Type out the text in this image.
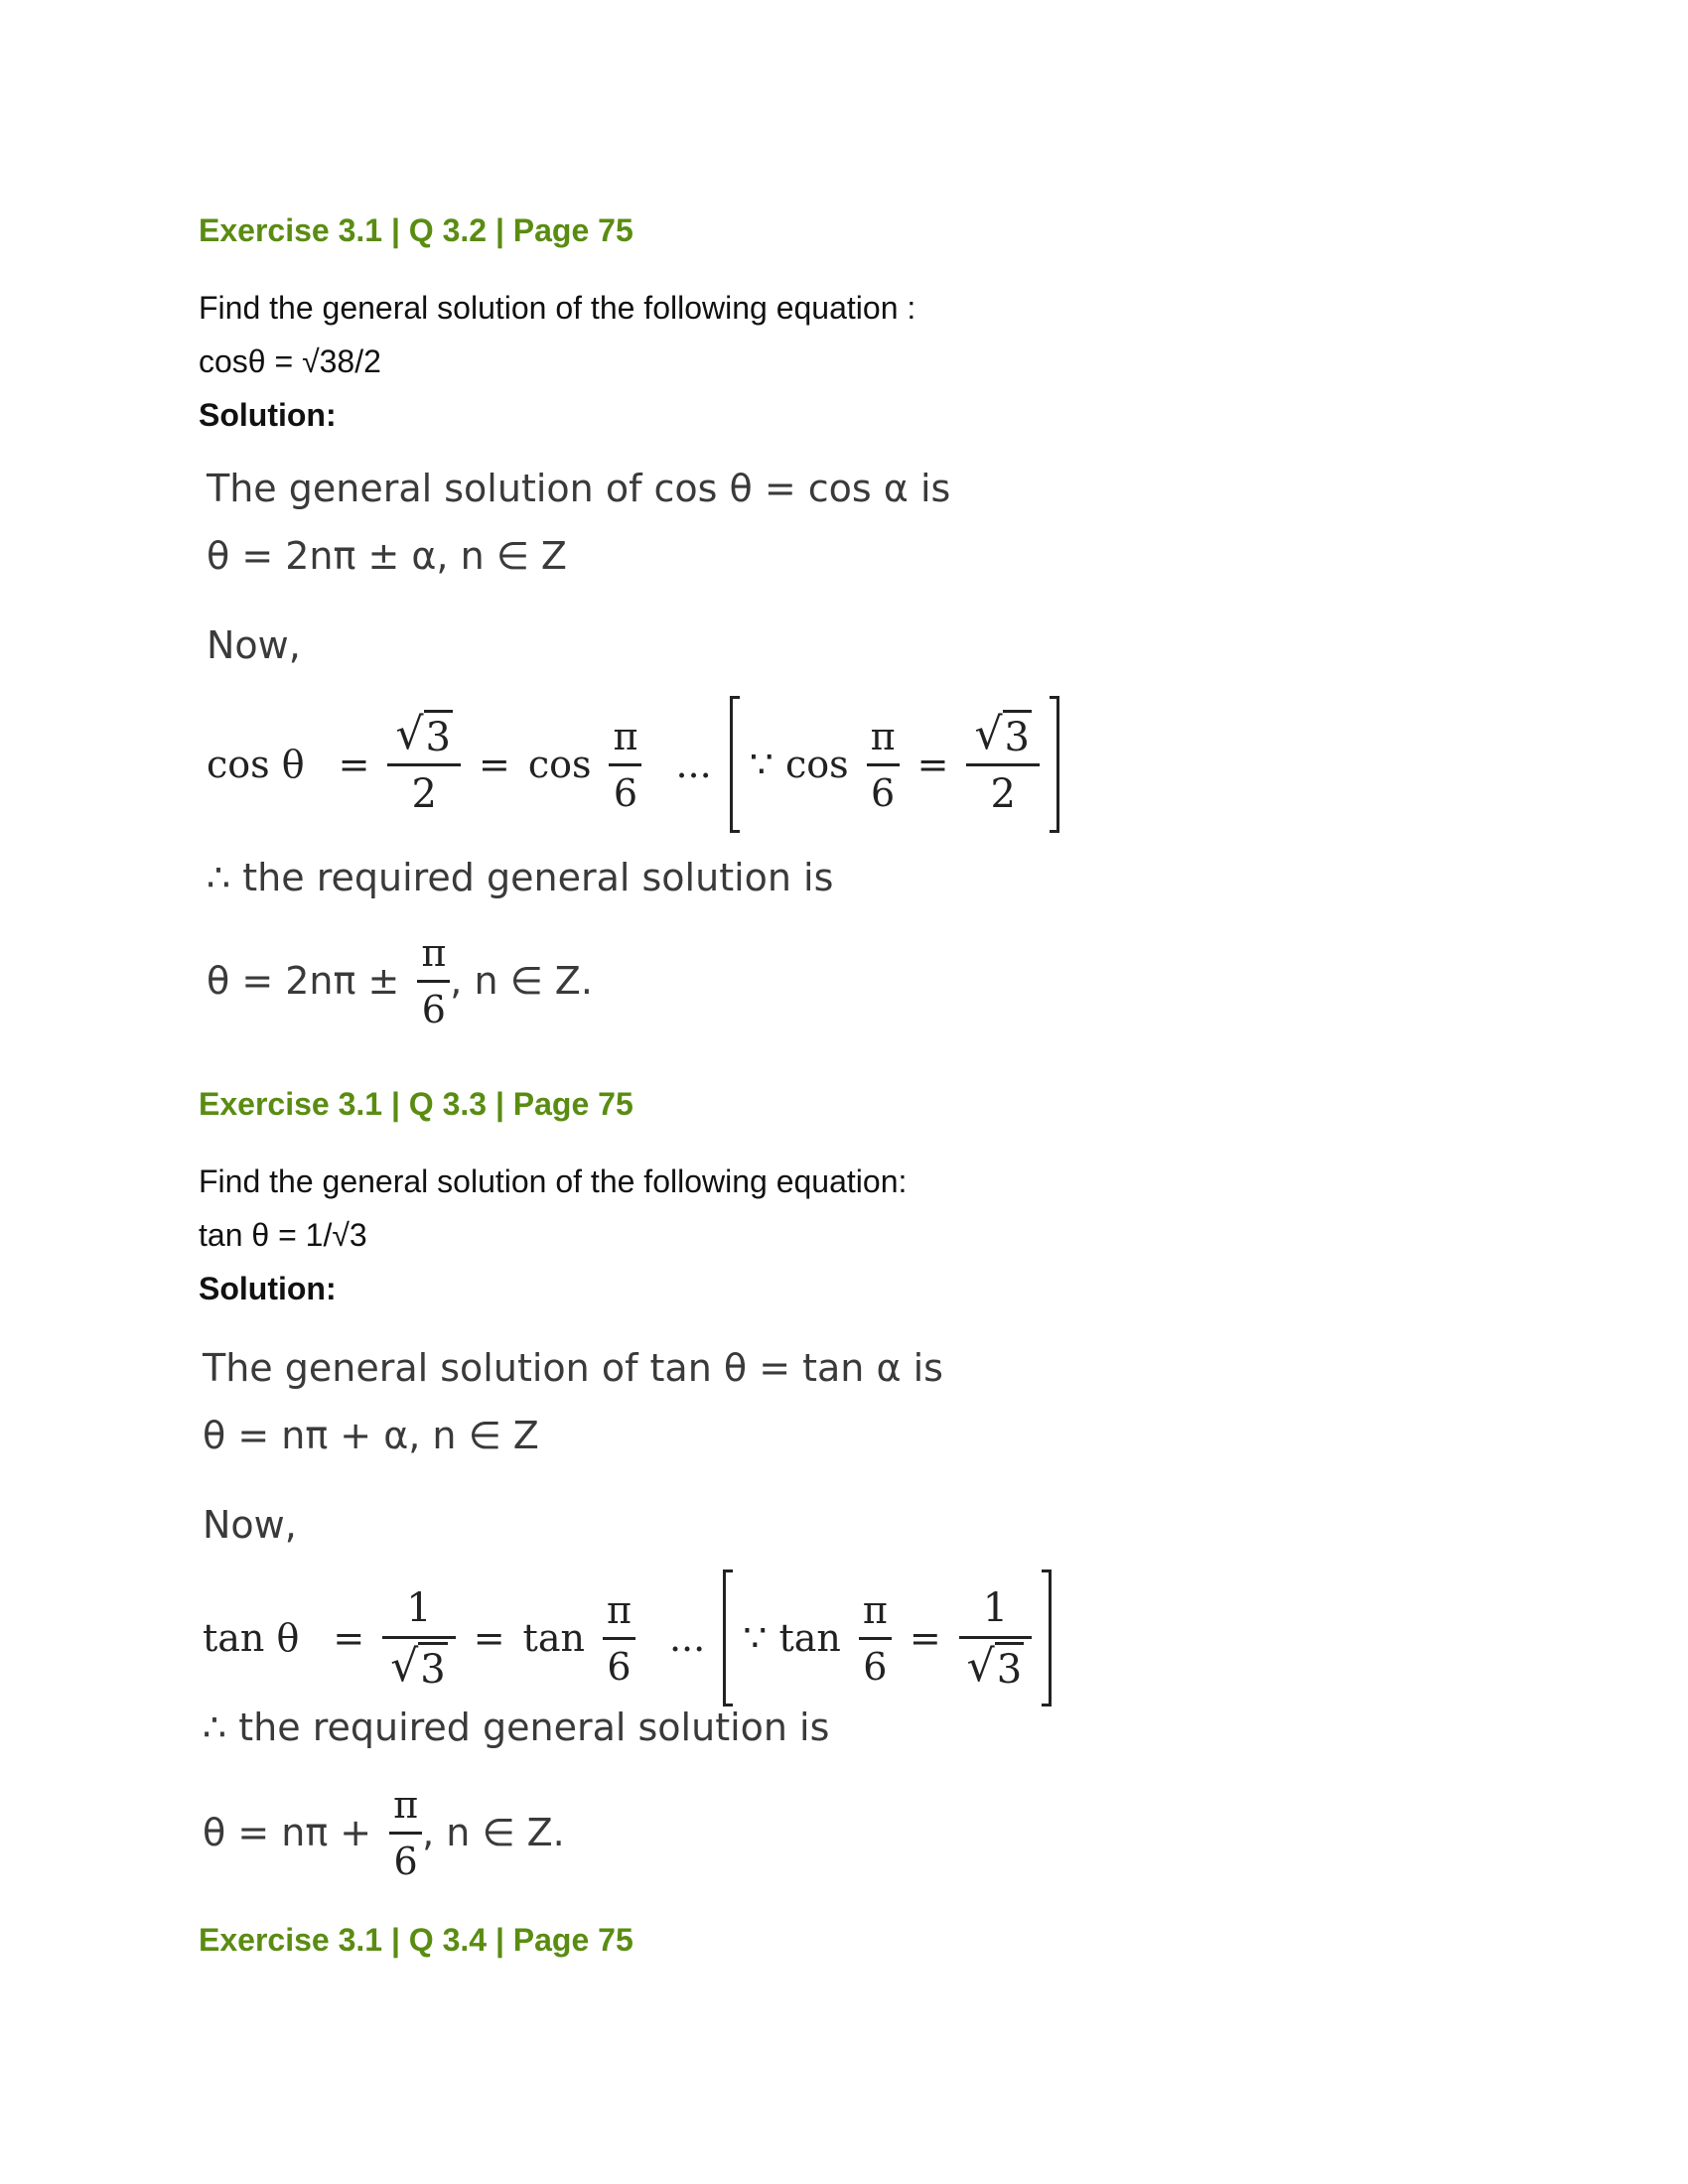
Exercise 3.1 | Q 3.2 | Page 75
Find the general solution of the following equation :
cosθ = √38/2
Solution:
The general solution of cos θ = cos α is
θ = 2nπ ± α, n ∈ Z
Now,
$\cos \theta = \frac{√ 3}{2} = \cos \frac{\pi}{6}$ ... ∵ $\cos \frac{\pi}{6} = \frac{√ 3}{2}$
∴ the required general solution is
$\theta = 2n\pi \pm \frac{\pi}{6}$ , n ∈ Z.
Exercise 3.1 | Q 3.3 | Page 75
Find the general solution of the following equation:
tan θ = 1/√3
Solution:
The general solution of tan θ = tan α is
θ = nπ + α, n ∈ Z
Now,
$\tan \theta = \frac{1}{√ 3} = \tan \frac{\pi}{6}$ ... ∵ $\tan \frac{\pi}{6} = \frac{1}{√ 3}$
∴ the required general solution is
$\theta = n\pi + \frac{\pi}{6}$ , n ∈ Z.
Exercise 3.1 | Q 3.4 | Page 75
